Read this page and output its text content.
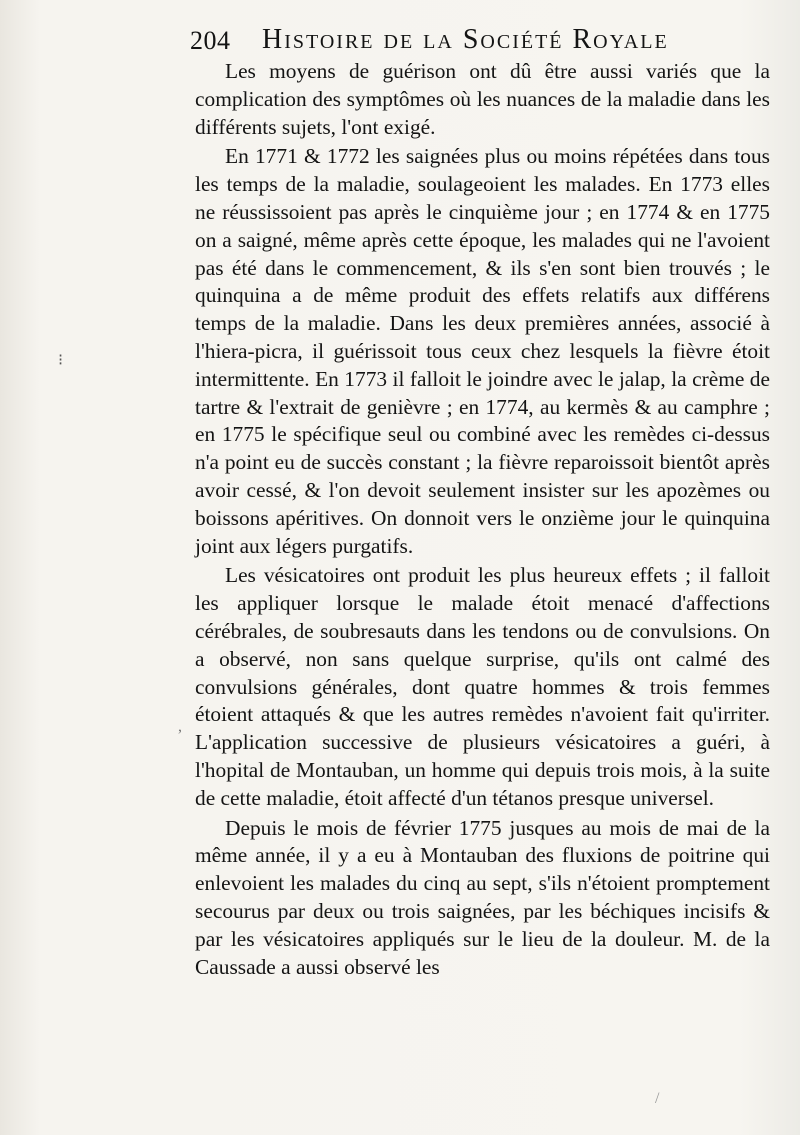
204 Histoire de la Société Royale

Les moyens de guérison ont dû être aussi variés que la complication des symptômes où les nuances de la maladie dans les différents sujets, l'ont exigé.

En 1771 & 1772 les saignées plus ou moins répétées dans tous les temps de la maladie, soulageoient les malades. En 1773 elles ne réussissoient pas après le cinquième jour ; en 1774 & en 1775 on a saigné, même après cette époque, les malades qui ne l'avoient pas été dans le commencement, & ils s'en sont bien trouvés ; le quinquina a de même produit des effets relatifs aux différens temps de la maladie. Dans les deux premières années, associé à l'hiera-picra, il guérissoit tous ceux chez lesquels la fièvre étoit intermittente. En 1773 il falloit le joindre avec le jalap, la crème de tartre & l'extrait de genièvre ; en 1774, au kermès & au camphre ; en 1775 le spécifique seul ou combiné avec les remèdes ci-dessus n'a point eu de succès constant ; la fièvre reparoissoit bientôt après avoir cessé, & l'on devoit seulement insister sur les apozèmes ou boissons apéritives. On donnoit vers le onzième jour le quinquina joint aux légers purgatifs.

Les vésicatoires ont produit les plus heureux effets ; il falloit les appliquer lorsque le malade étoit menacé d'affections cérébrales, de soubresauts dans les tendons ou de convulsions. On a observé, non sans quelque surprise, qu'ils ont calmé des convulsions générales, dont quatre hommes & trois femmes étoient attaqués & que les autres remèdes n'avoient fait qu'irriter. L'application successive de plusieurs vésicatoires a guéri, à l'hopital de Montauban, un homme qui depuis trois mois, à la suite de cette maladie, étoit affecté d'un tétanos presque universel.

Depuis le mois de février 1775 jusques au mois de mai de la même année, il y a eu à Montauban des fluxions de poitrine qui enlevoient les malades du cinq au sept, s'ils n'étoient promptement secourus par deux ou trois saignées, par les béchiques incisifs & par les vésicatoires appliqués sur le lieu de la douleur. M. de la Caussade a aussi observé les

⁝
,
/
